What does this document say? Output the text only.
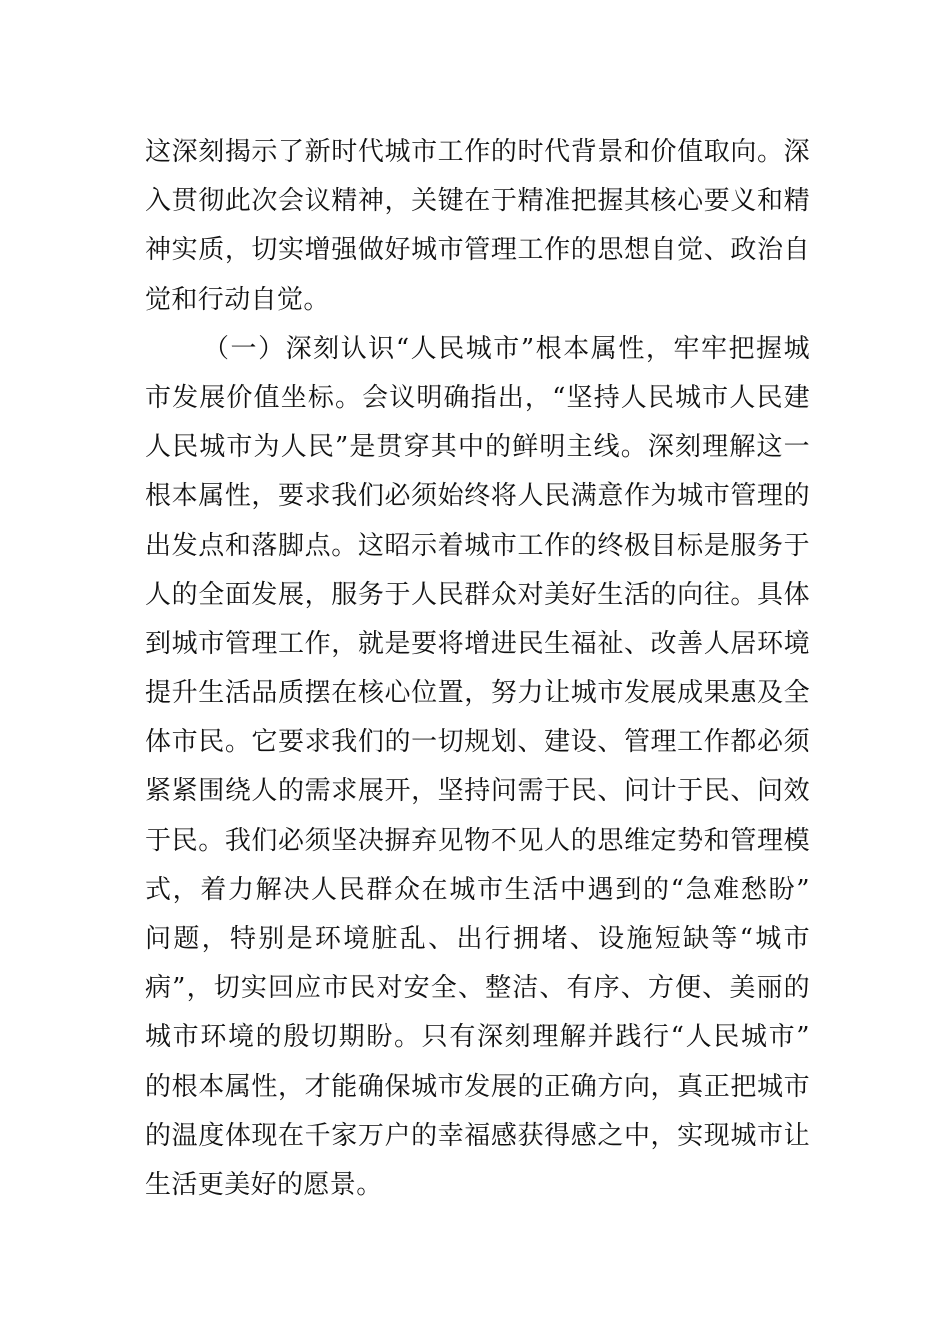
这深刻揭示了新时代城市工作的时代背景和价值取向。深
入贯彻此次会议精神，关键在于精准把握其核心要义和精
神实质，切实增强做好城市管理工作的思想自觉、政治自
觉和行动自觉。
（一）深刻认识“人民城市”根本属性，牢牢把握城
市发展价值坐标。会议明确指出，“坚持人民城市人民建
人民城市为人民”是贯穿其中的鲜明主线。深刻理解这一
根本属性，要求我们必须始终将人民满意作为城市管理的
出发点和落脚点。这昭示着城市工作的终极目标是服务于
人的全面发展，服务于人民群众对美好生活的向往。具体
到城市管理工作，就是要将增进民生福祉、改善人居环境
提升生活品质摆在核心位置，努力让城市发展成果惠及全
体市民。它要求我们的一切规划、建设、管理工作都必须
紧紧围绕人的需求展开，坚持问需于民、问计于民、问效
于民。我们必须坚决摒弃见物不见人的思维定势和管理模
式，着力解决人民群众在城市生活中遇到的“急难愁盼”
问题，特别是环境脏乱、出行拥堵、设施短缺等“城市
病”，切实回应市民对安全、整洁、有序、方便、美丽的
城市环境的殷切期盼。只有深刻理解并践行“人民城市”
的根本属性，才能确保城市发展的正确方向，真正把城市
的温度体现在千家万户的幸福感获得感之中，实现城市让
生活更美好的愿景。
